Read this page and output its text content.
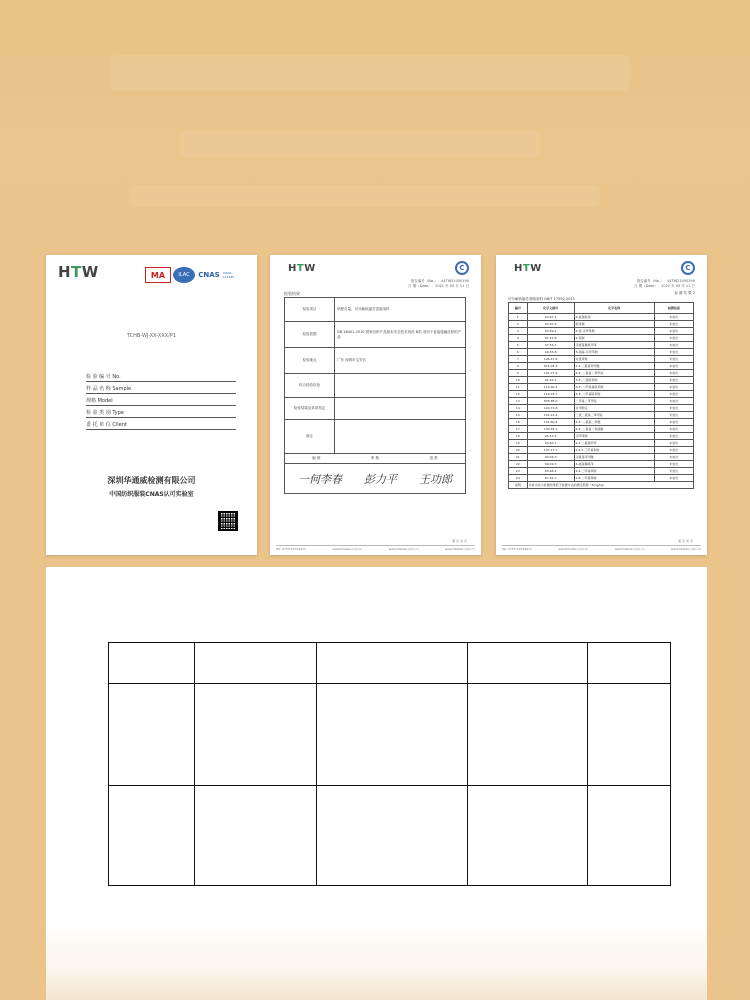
HTW	MA	ILAC	CNAS	CNAS
L12345
TCHB-WJ-XX-XXX/P1
检 验 编 号 No.
样 品 名 称 Sample
规格 Model
检 验 类 别 Type
委 托 单 位 Client
深圳华通威检测有限公司
中国纺织服装CNAS认可实验室
HTW	C
报告编号（No.）：44TW21050190
日 期（Date）：2021 年 05 月 11 日
检验结果
检验项目	甲醛含量、可分解致癌芳香胺染料
检验依据	GB 18401-2010 国家纺织产品基本安全技术规范 B类 适用于直接接触皮肤的产品
检验地点	广东 深圳市宝安区
综合检验结论	
检验结果及单项判定	
备注	

编 制 审 核 批 准	

一何李春 彭力平 王功郎	
第 页 共 页
Tel: 0755-29744471	www.htwlab.com.cn	www.htwlab.com.cn	www.htwlab.com.cn
HTW	C
报告编号（No.）：44TW21050190
日 期（Date）：2021 年 05 月 11 日
检 测 结 果 2
可分解致癌芳香胺染料 GB/T 17592-2011
编号	化学文摘号	化学名称	检测结果
1	92-67-1	4-氨基联苯	未检出
2	92-87-5	联苯胺	未检出
3	95-69-2	4-氯-邻甲苯胺	未检出
4	91-59-8	2-萘胺	未检出
5	97-56-3	邻氨基偶氮甲苯	未检出
6	99-55-8	5-硝基-邻甲苯胺	未检出
7	106-47-8	对氯苯胺	未检出
8	615-05-4	2,4-二氨基苯甲醚	未检出
9	101-77-9	4,4'-二氨基二苯甲烷	未检出
10	91-94-1	3,3'-二氯联苯胺	未检出
11	119-90-4	3,3'-二甲氧基联苯胺	未检出
12	119-93-7	3,3'-二甲基联苯胺	未检出
13	838-88-0	二甲基二苯甲烷	未检出
14	120-71-8	对甲酚定	未检出
15	101-14-4	二氯二氨基二苯甲烷	未检出
16	101-80-4	4,4'-二氨基二苯醚	未检出
17	139-65-1	4,4'-二氨基二苯硫醚	未检出
18	95-53-4	邻甲苯胺	未检出
19	95-80-7	2,4-二氨基甲苯	未检出
20	137-17-7	2,4,5-三甲基苯胺	未检出
21	90-04-0	邻氨基苯甲醚	未检出
22	60-09-3	4-氨基偶氮苯	未检出
23	95-68-1	2,4-二甲基苯胺	未检出
24	87-62-7	2,6-二甲基苯胺	未检出
说明	未检出表示检测结果低于检测方法的测定低限（5mg/kg）		
第 页 共 页
Tel: 0755-29744471	www.htwlab.com.cn	www.htwlab.com.cn	www.htwlab.com.cn
